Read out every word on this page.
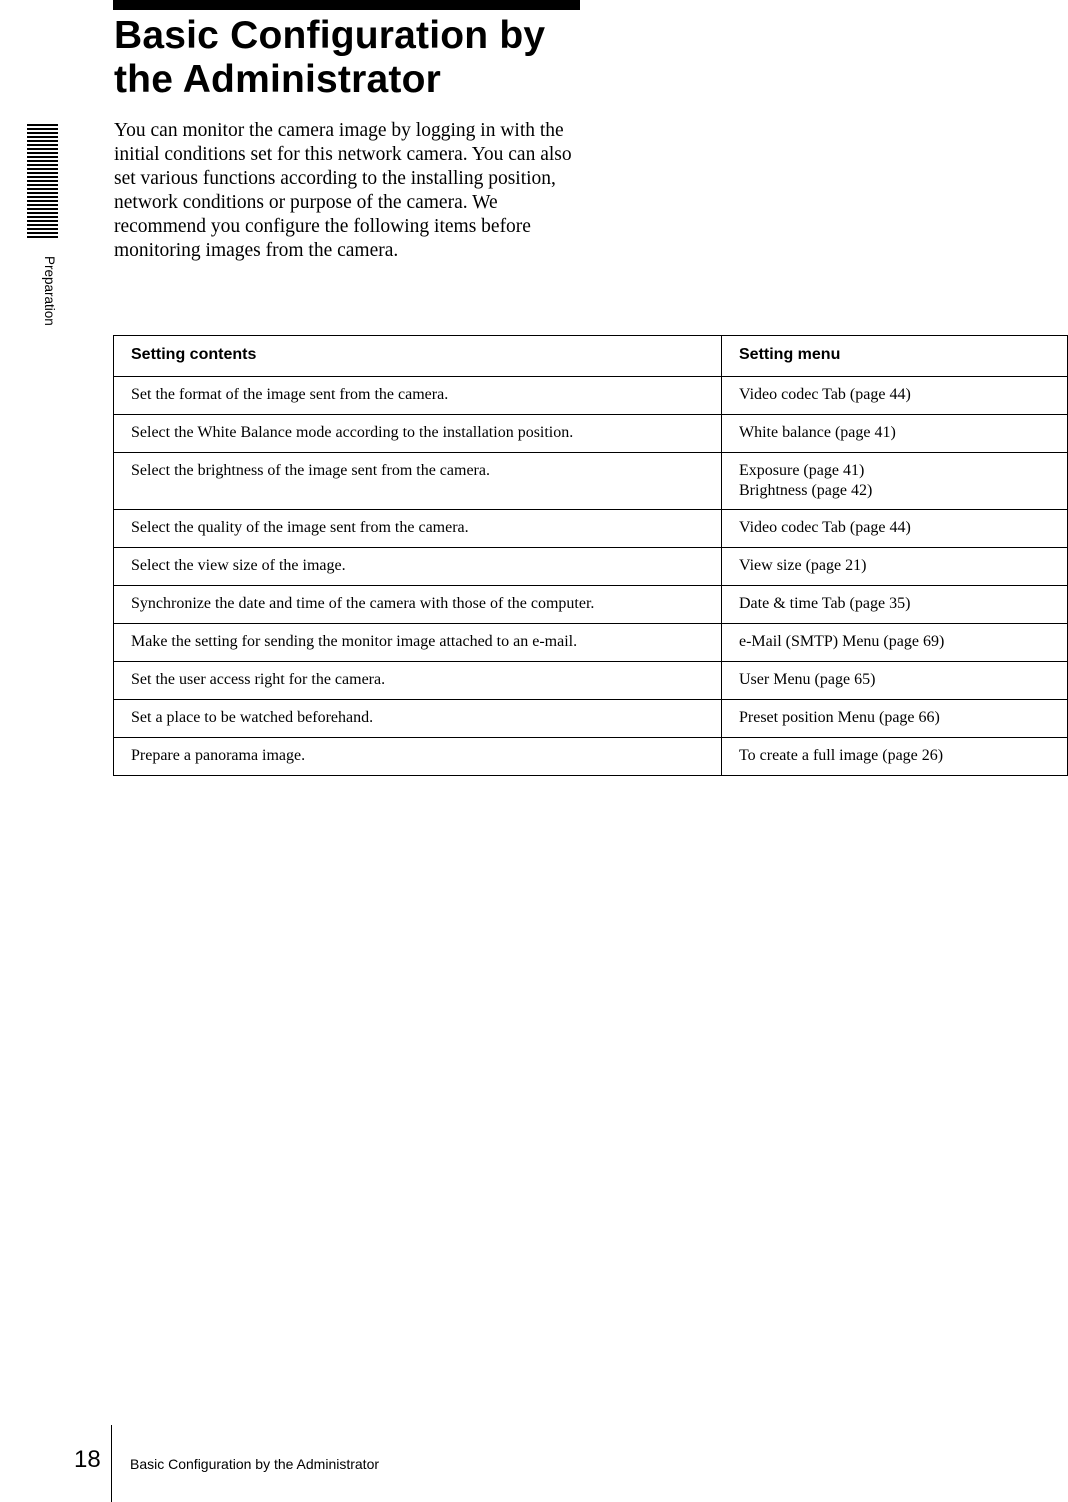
Basic Configuration by
the Administrator

You can monitor the camera image by logging in with the initial conditions set for this network camera. You can also set various functions according to the installing position, network conditions or purpose of the camera. We recommend you configure the following items before monitoring images from the camera.

Preparation
Setting contents	Setting menu
Set the format of the image sent from the camera.	Video codec Tab (page 44)

Select the White Balance mode according to the installation position.	White balance (page 41)

Select the brightness of the image sent from the camera.	Exposure (page 41)
Brightness (page 42)

Select the quality of the image sent from the camera.	Video codec Tab (page 44)

Select the view size of the image.	View size (page 21)

Synchronize the date and time of the camera with those of the computer.	Date & time Tab (page 35)

Make the setting for sending the monitor image attached to an e-mail.	e-Mail (SMTP) Menu (page 69)

Set the user access right for the camera.	User Menu (page 65)

Set a place to be watched beforehand.	Preset position Menu (page 66)

Prepare a panorama image.	To create a full image (page 26)
18 Basic Configuration by the Administrator
